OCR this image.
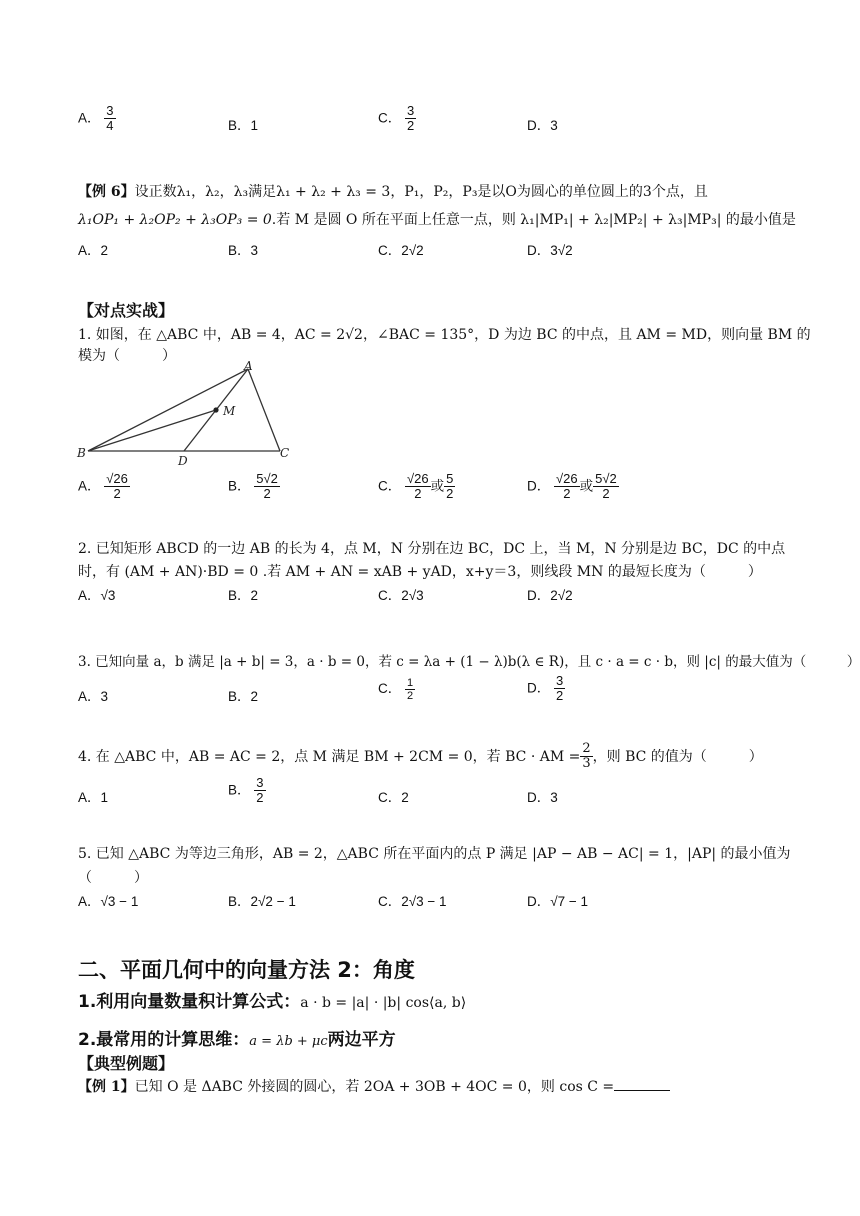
A． $\frac{3}{4}$	B．1
C． $\frac{3}{2}$	D．3
【例 6】设正数λ₁，λ₂，λ₃满足λ₁ + λ₂ + λ₃ = 3，P₁，P₂，P₃是以O为圆心的单位圆上的3个点，且
λ₁OP₁ + λ₂OP₂ + λ₃OP₃ = 0.若 M 是圆 O 所在平面上任意一点，则 λ₁|MP₁| + λ₂|MP₂| + λ₃|MP₃| 的最小值是
A．2	B．3	C．2√2	D．3√2
【对点实战】
1. 如图，在 △ABC 中，AB = 4，AC = 2√2，∠BAC = 135°，D 为边 BC 的中点，且 AM = MD，则向量 BM 的
模为（　　　）
A
B	C
D
M
A． $\frac{√26}{2}$	B． $\frac{5√2}{2}$	C． $\frac{√26}{2}$ 或 $\frac{5}{2}$	D． $\frac{√26}{2}$ 或 $\frac{5√2}{2}$
2. 已知矩形 ABCD 的一边 AB 的长为 4，点 M，N 分别在边 BC，DC 上，当 M，N 分别是边 BC，DC 的中点
时，有 (AM + AN)·BD = 0 .若 AM + AN = xAB + yAD，x+y＝3，则线段 MN 的最短长度为（　　　）
A．√3	B．2	C．2√3	D．2√2
3. 已知向量 a，b 满足 |a + b| = 3，a · b = 0，若 c = λa + (1 − λ)b(λ ∈ R)，且 c · a = c · b，则 |c| 的最大值为（　　　）
A．3	B．2
C． $\frac{1}{2}$	D． $\frac{3}{2}$
4. 在 △ABC 中，AB = AC = 2，点 M 满足 BM + 2CM = 0，若 BC · AM = $\frac{2}{3}$ ，则 BC 的值为（　　　）
A．1
B． $\frac{3}{2}$	C．2	D．3
5. 已知 △ABC 为等边三角形，AB = 2，△ABC 所在平面内的点 P 满足 |AP − AB − AC| = 1，|AP| 的最小值为
（　　　）
A．√3 − 1	B．2√2 − 1	C．2√3 − 1	D．√7 − 1
二、平面几何中的向量方法 2：角度
1.利用向量数量积计算公式：a · b = |a| · |b| cos⟨a, b⟩
2.最常用的计算思维：a = λb + μc两边平方
【典型例题】
【例 1】已知 O 是 ΔABC 外接圆的圆心，若 2OA + 3OB + 4OC = 0，则 cos C =
